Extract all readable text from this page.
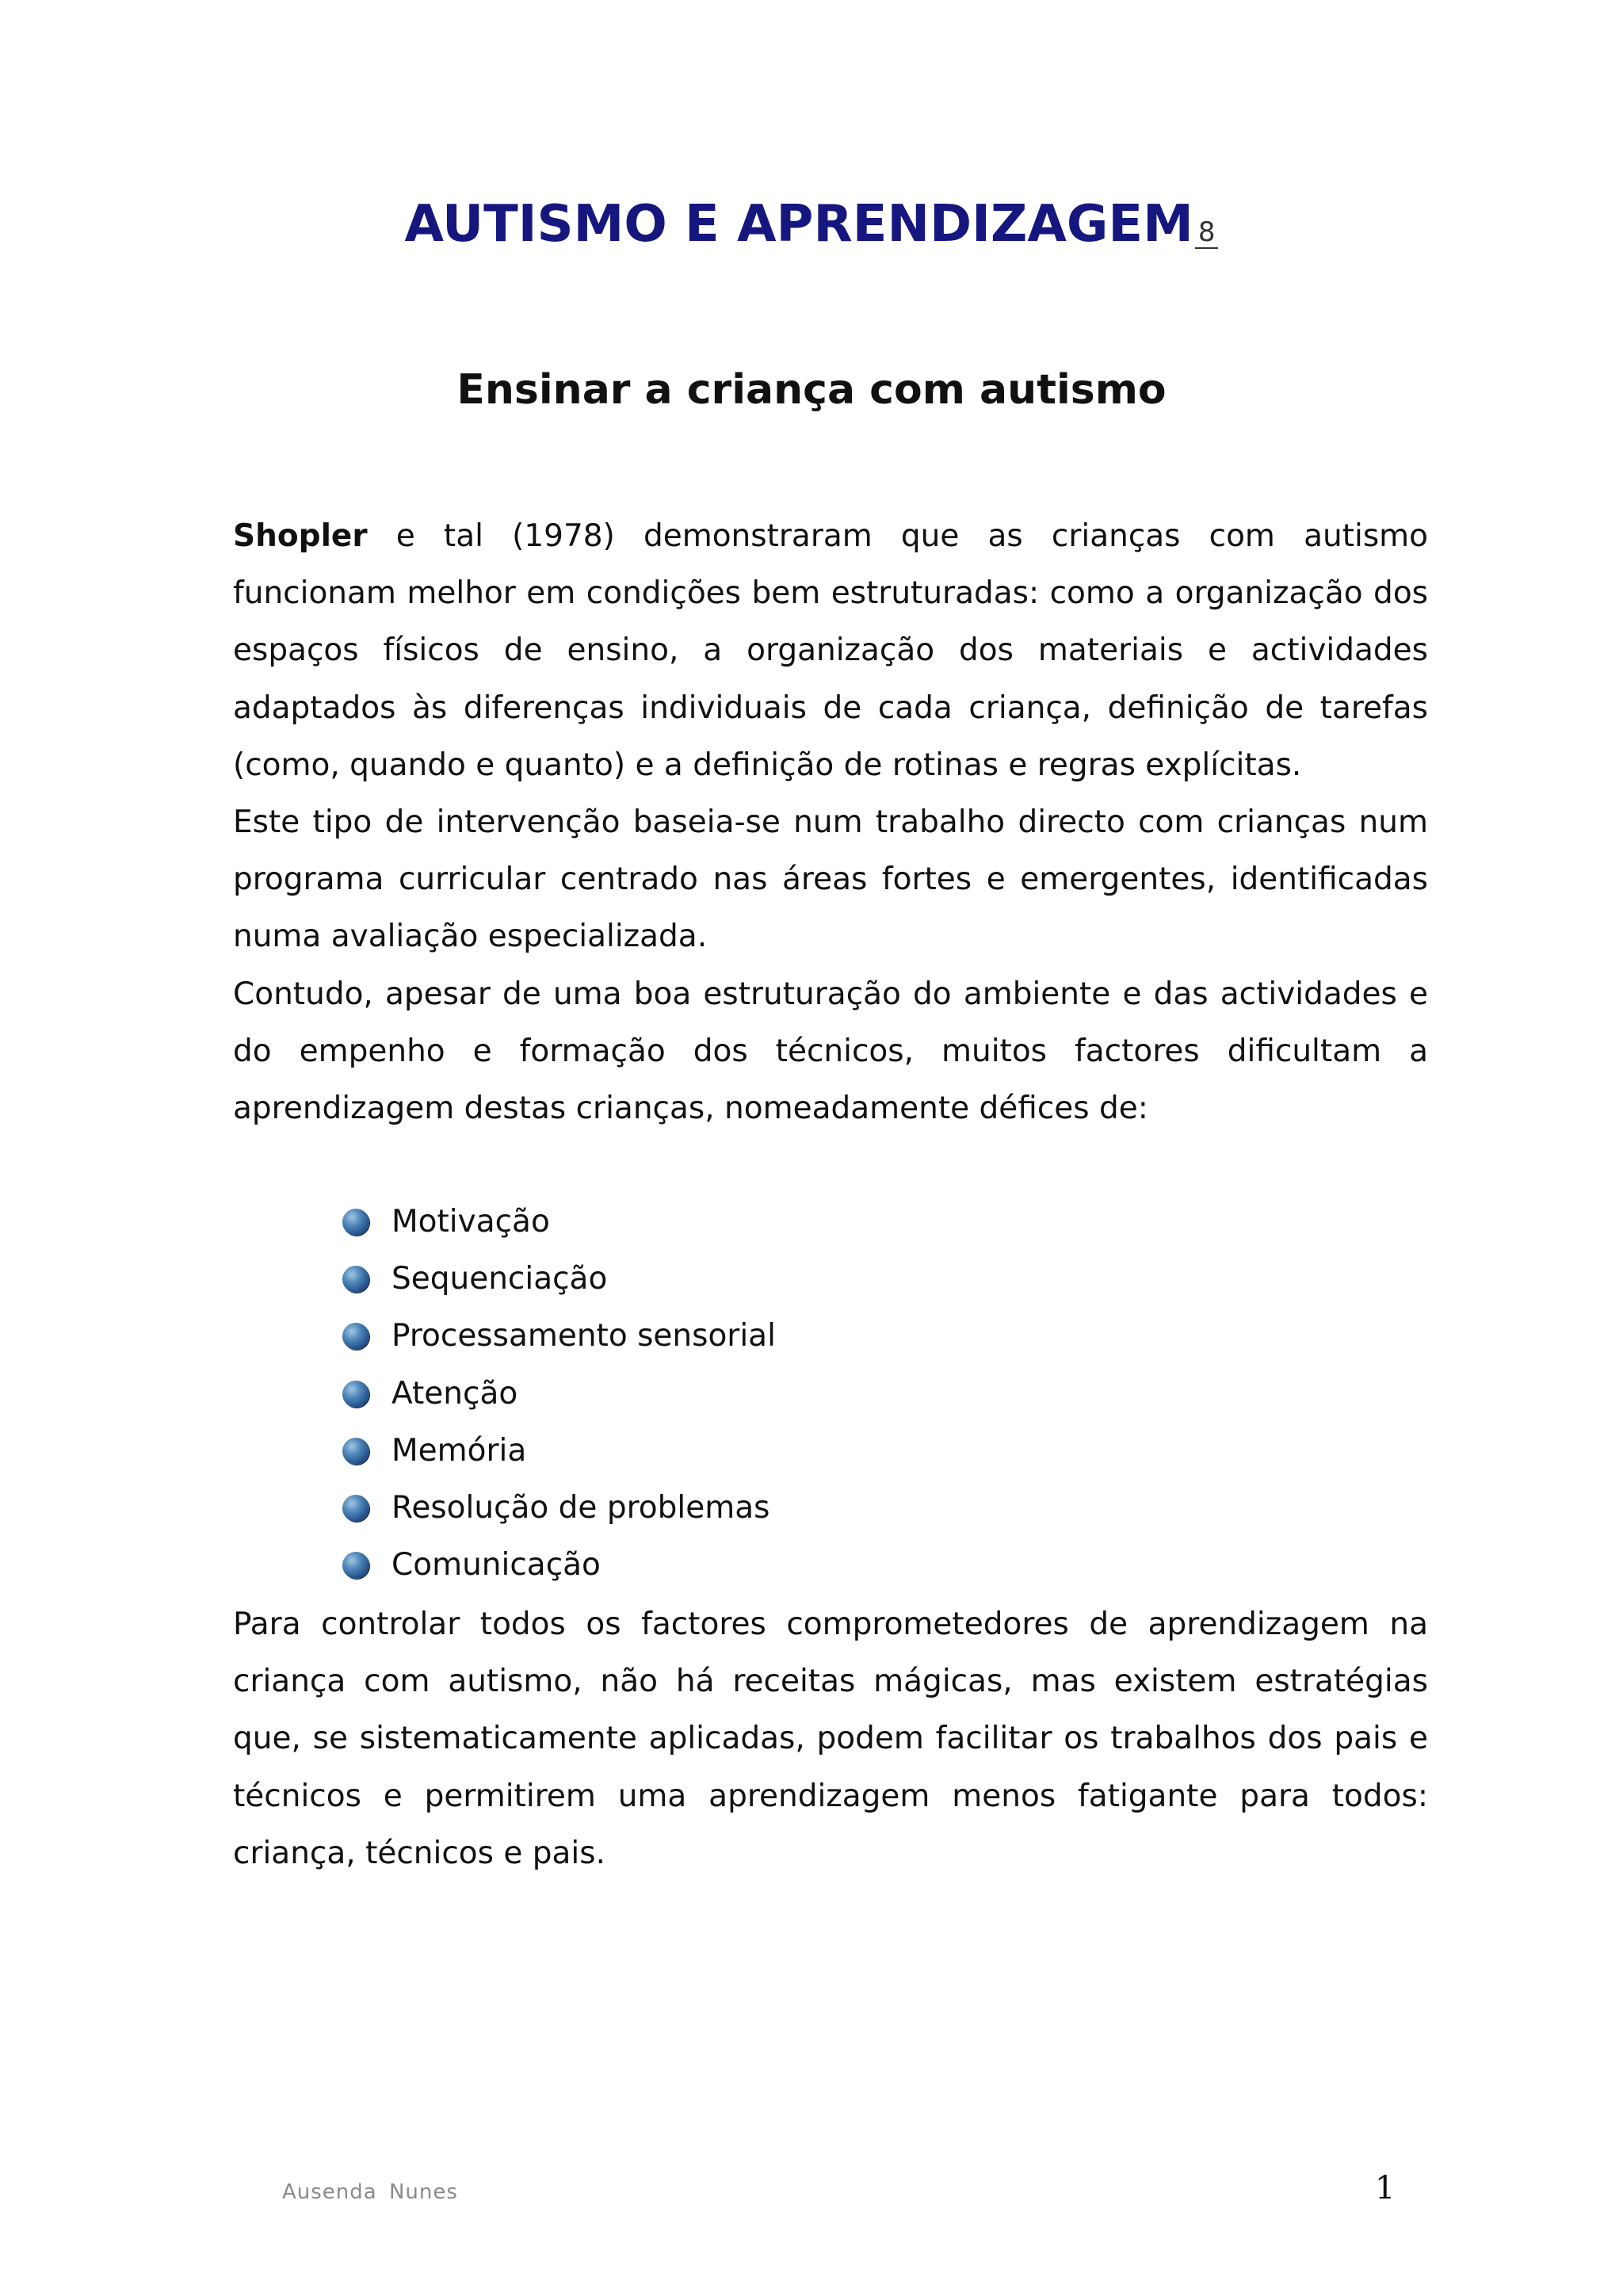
AUTISMO E APRENDIZAGEM 8
Ensinar a criança com autismo

Shopler e tal (1978) demonstraram que as crianças com autismo funcionam melhor em condições bem estruturadas: como a organização dos espaços físicos de ensino, a organização dos materiais e actividades adaptados às diferenças individuais de cada criança, definição de tarefas (como, quando e quanto) e a definição de rotinas e regras explícitas.

Este tipo de intervenção baseia-se num trabalho directo com crianças num programa curricular centrado nas áreas fortes e emergentes, identificadas numa avaliação especializada.

Contudo, apesar de uma boa estruturação do ambiente e das actividades e do empenho e formação dos técnicos, muitos factores dificultam a aprendizagem destas crianças, nomeadamente défices de:

Motivação
Sequenciação
Processamento sensorial
Atenção
Memória
Resolução de problemas
Comunicação

Para controlar todos os factores comprometedores de aprendizagem na criança com autismo, não há receitas mágicas, mas existem estratégias que, se sistematicamente aplicadas, podem facilitar os trabalhos dos pais e técnicos e permitirem uma aprendizagem menos fatigante para todos: criança, técnicos e pais.

Ausenda Nunes	1
